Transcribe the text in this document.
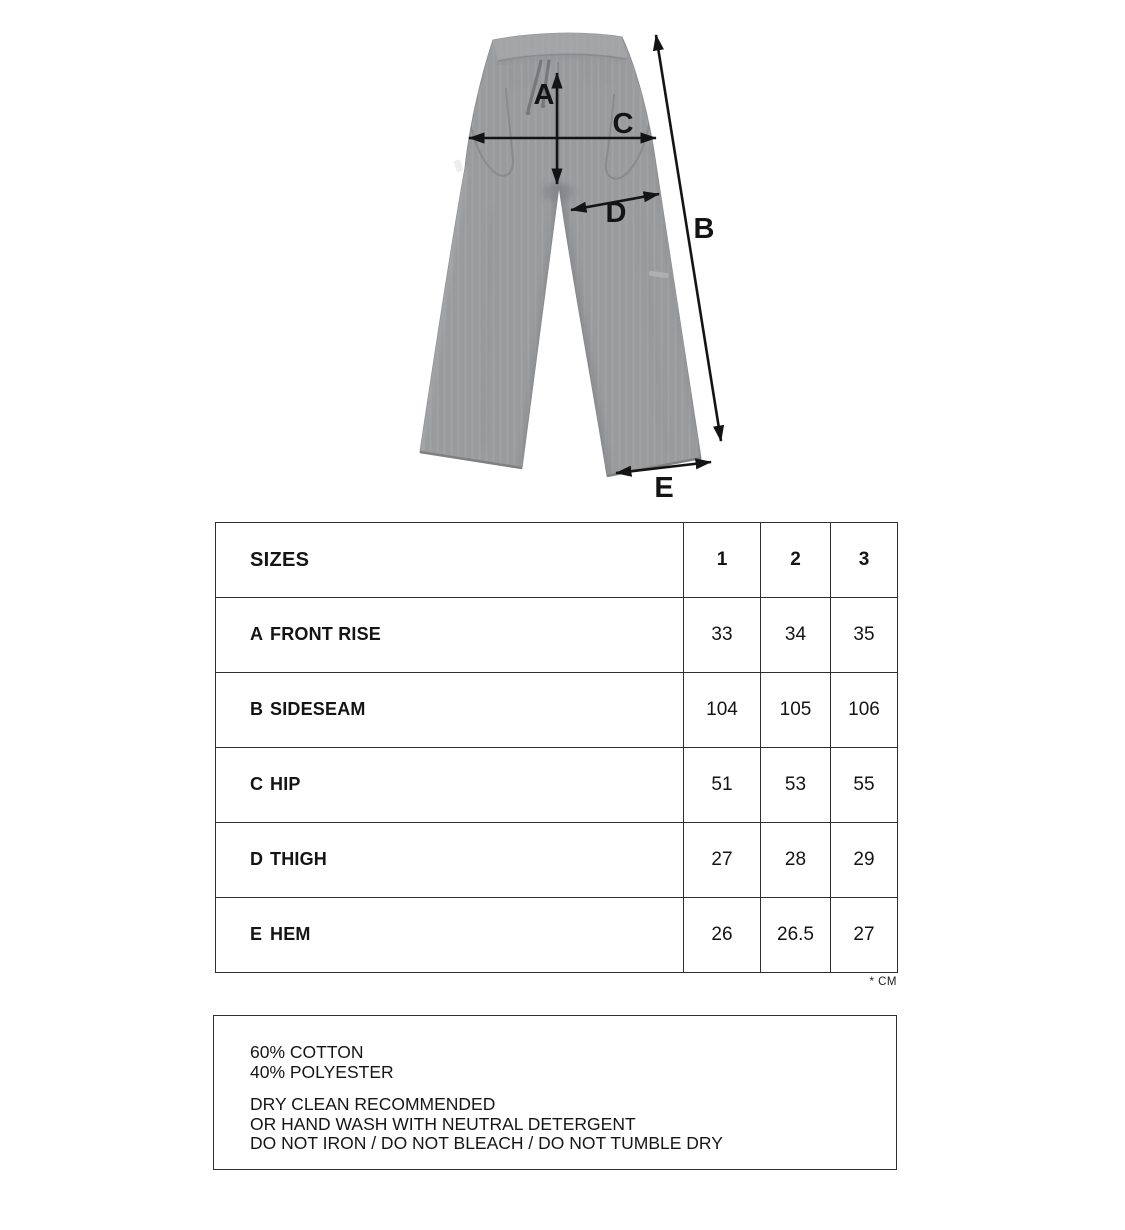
A
B
C
D
E
SIZES	1	2	3
A FRONT RISE	33	34	35
B SIDESEAM	104	105	106
C HIP	51	53	55
D THIGH	27	28	29
E HEM	26	26.5	27
* CM
60% COTTON
40% POLYESTER
DRY CLEAN RECOMMENDED
OR HAND WASH WITH NEUTRAL DETERGENT
DO NOT IRON / DO NOT BLEACH / DO NOT TUMBLE DRY
